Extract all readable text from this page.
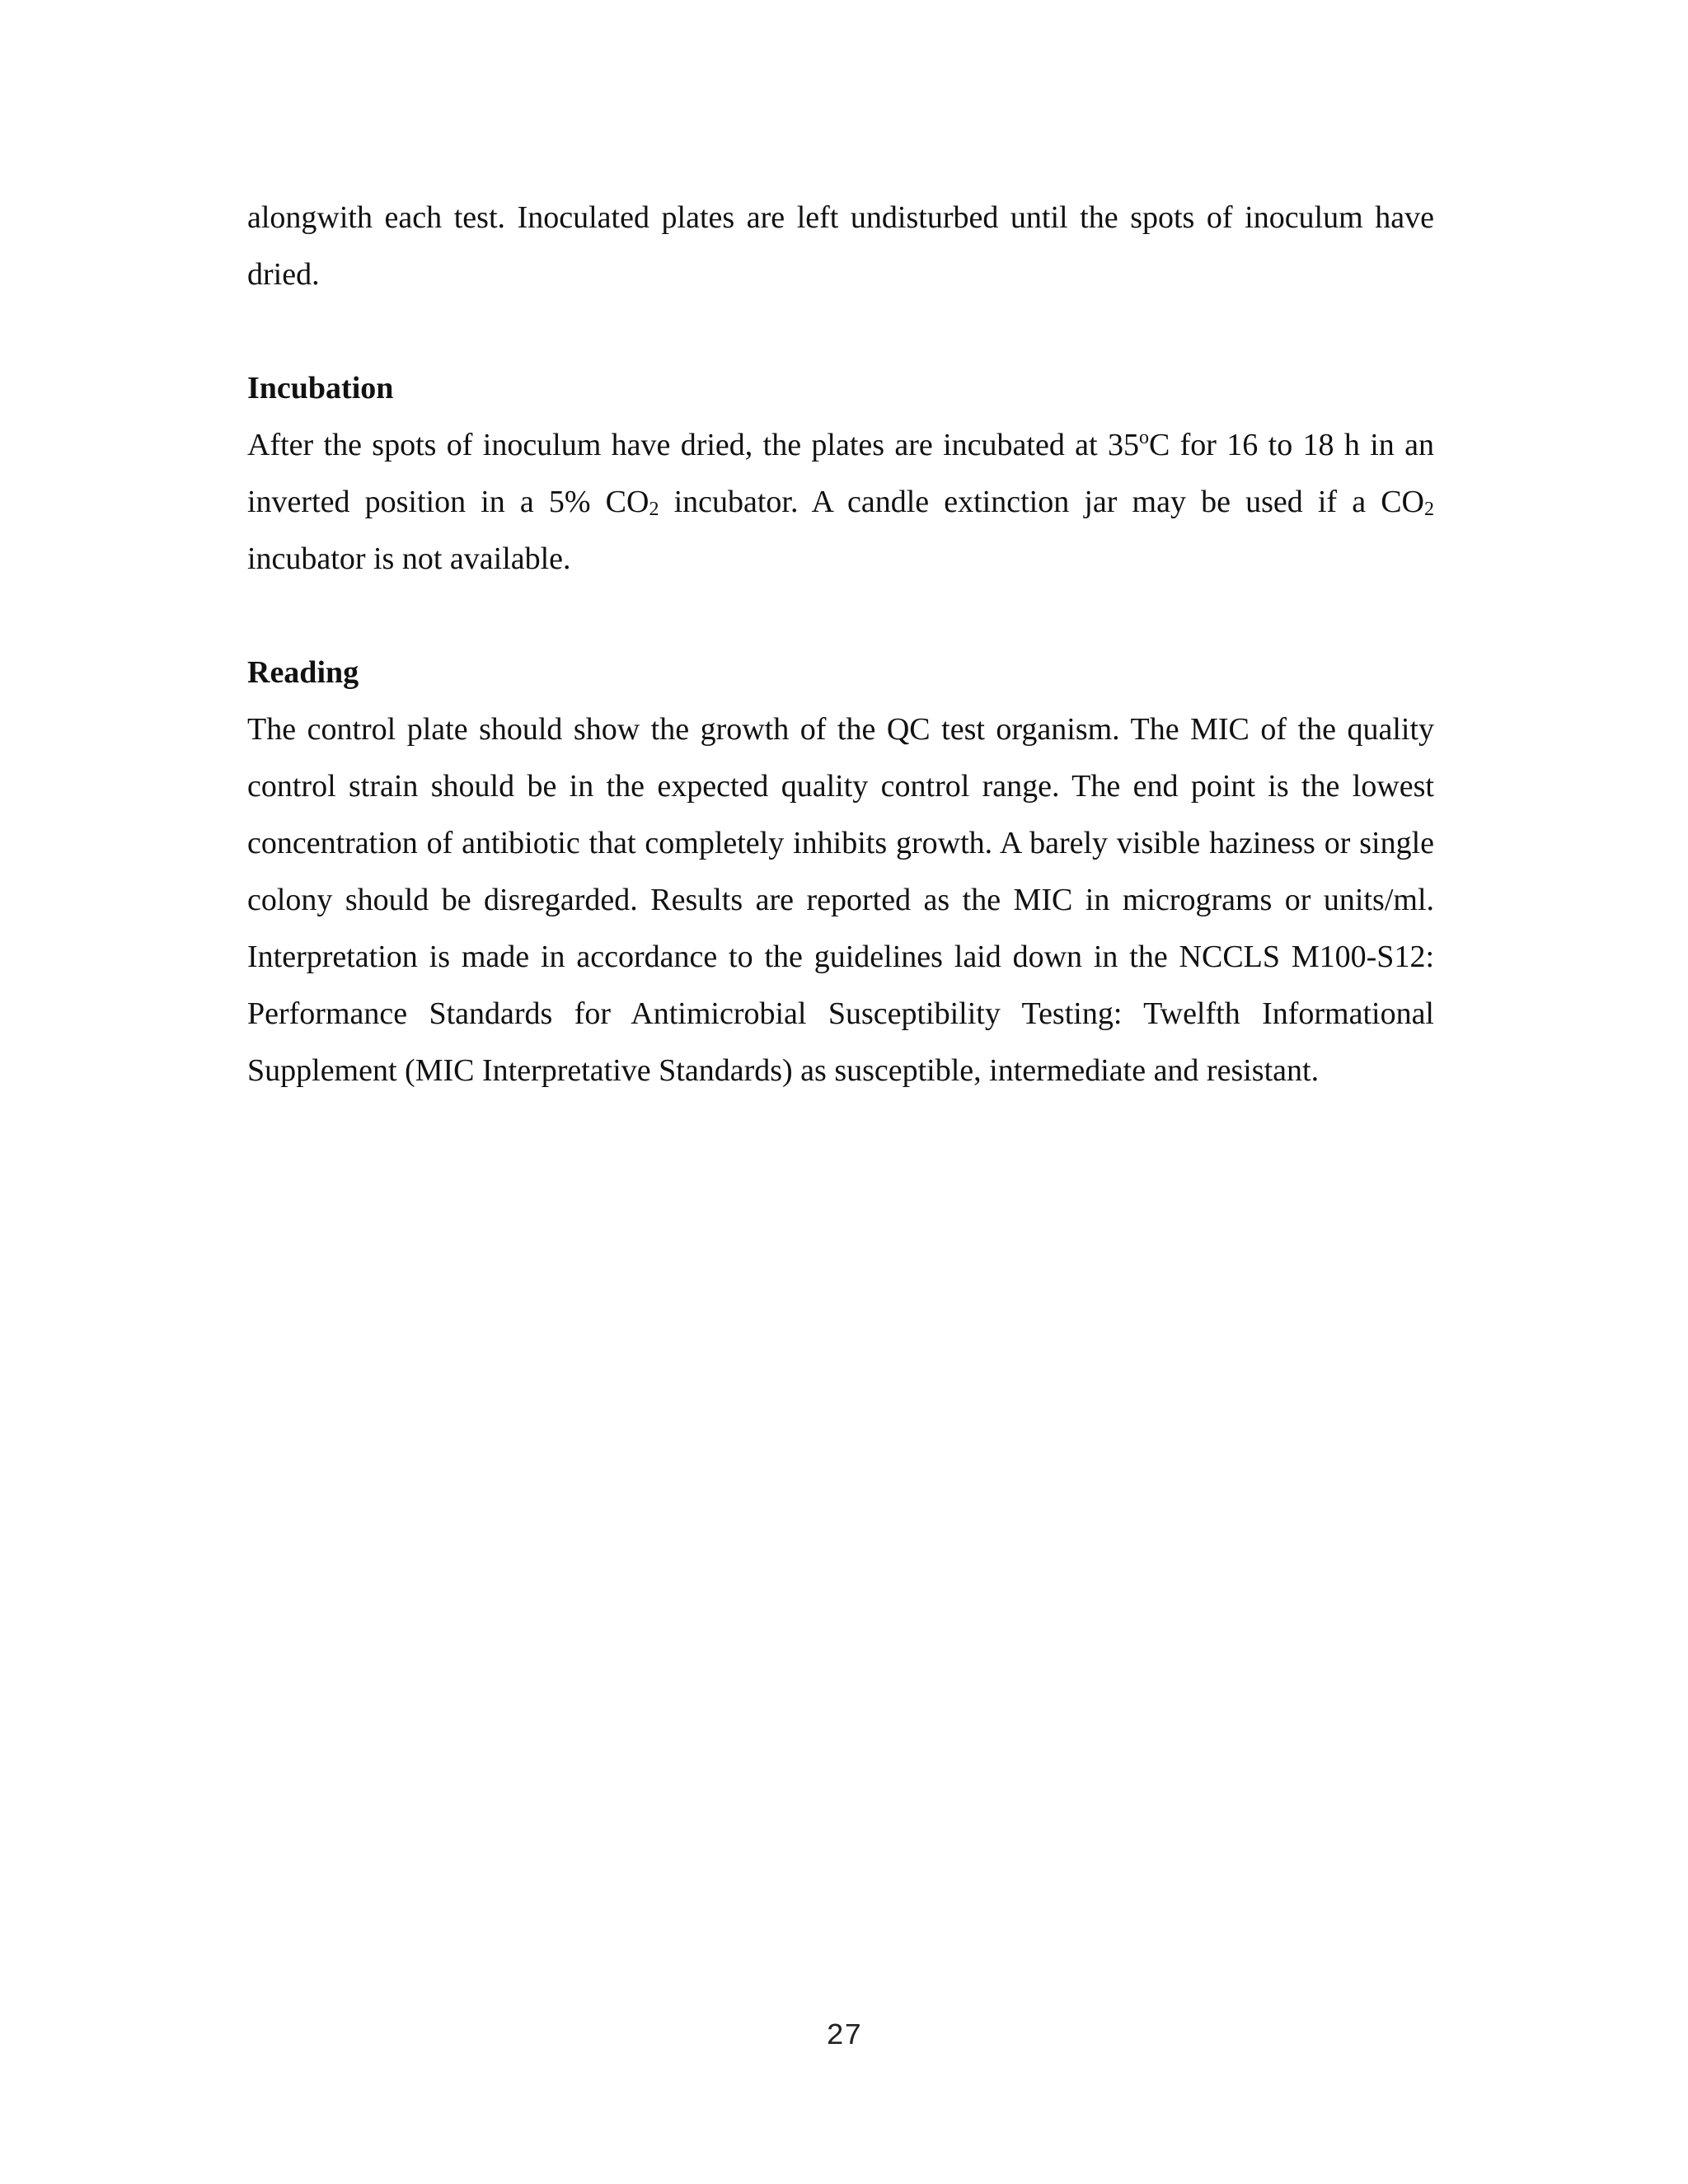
alongwith each test. Inoculated plates are left undisturbed until the spots of inoculum have dried.

Incubation

After the spots of inoculum have dried, the plates are incubated at 35$^o$C for 16 to 18 h in an inverted position in a 5% $CO_2$ incubator. A candle extinction jar may be used if a $CO_2$ incubator is not available.

Reading

The control plate should show the growth of the QC test organism. The MIC of the quality control strain should be in the expected quality control range. The end point is the lowest concentration of antibiotic that completely inhibits growth. A barely visible haziness or single colony should be disregarded. Results are reported as the MIC in micrograms or units/ml. Interpretation is made in accordance to the guidelines laid down in the NCCLS M100-S12: Performance Standards for Antimicrobial Susceptibility Testing: Twelfth Informational Supplement (MIC Interpretative Standards) as susceptible, intermediate and resistant.

27
